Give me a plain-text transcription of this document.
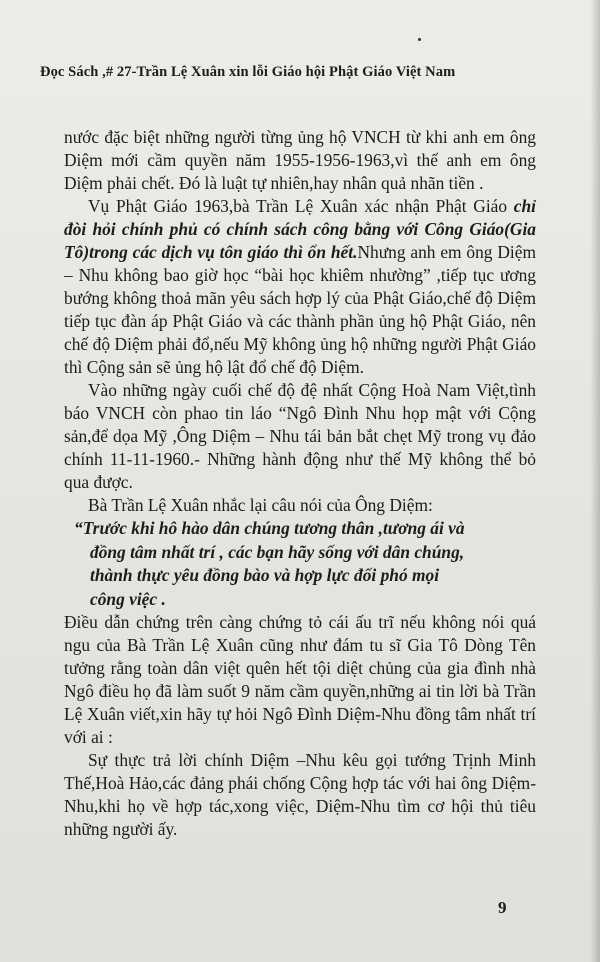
Đọc Sách ,# 27-Trần Lệ Xuân xin lỗi Giáo hội Phật Giáo Việt Nam

nước đặc biệt những người từng ủng hộ VNCH từ khi anh em ông Diệm mới cầm quyền năm 1955-1956-1963,vì thế anh em ông Diệm phải chết. Đó là luật tự nhiên,hay nhân quả nhãn tiền .

Vụ Phật Giáo 1963,bà Trần Lệ Xuân xác nhận Phật Giáo chỉ đòi hỏi chính phủ có chính sách công bằng với Công Giáo(Gia Tô)trong các dịch vụ tôn giáo thì ổn hết.Nhưng anh em ông Diệm – Nhu không bao giờ học “bài học khiêm nhường” ,tiếp tục ương bướng không thoả mãn yêu sách hợp lý của Phật Giáo,chế độ Diệm tiếp tục đàn áp Phật Giáo và các thành phần ủng hộ Phật Giáo, nên chế độ Diệm phải đổ,nếu Mỹ không ủng hộ những người Phật Giáo thì Cộng sản sẽ ủng hộ lật đổ chế độ Diệm.

Vào những ngày cuối chế độ đệ nhất Cộng Hoà Nam Việt,tình báo VNCH còn phao tin láo “Ngô Đình Nhu họp mật với Cộng sản,để dọa Mỹ ,Ông Diệm – Nhu tái bản bắt chẹt Mỹ trong vụ đảo chính 11-11-1960.- Những hành động như thế Mỹ không thể bỏ qua được.

Bà Trần Lệ Xuân nhắc lại câu nói của Ông Diệm:

“Trước khi hô hào dân chúng tương thân ,tương ái và
đồng tâm nhất trí , các bạn hãy sống với dân chúng,
thành thực yêu đồng bào và hợp lực đối phó mọi
công việc .

Điều dẫn chứng trên càng chứng tỏ cái ấu trĩ nếu không nói quá ngu của Bà Trần Lệ Xuân cũng như đám tu sĩ Gia Tô Dòng Tên tưởng rằng toàn dân việt quên hết tội diệt chủng của gia đình nhà Ngô điều họ đã làm suốt 9 năm cầm quyền,những ai tin lời bà Trần Lệ Xuân viết,xin hãy tự hỏi Ngô Đình Diệm-Nhu đồng tâm nhất trí với ai :

Sự thực trả lời chính Diệm –Nhu kêu gọi tướng Trịnh Minh Thế,Hoà Hảo,các đảng phái chống Cộng hợp tác với hai ông Diệm-Nhu,khi họ về hợp tác,xong việc, Diệm-Nhu tìm cơ hội thủ tiêu những người ấy.

9
